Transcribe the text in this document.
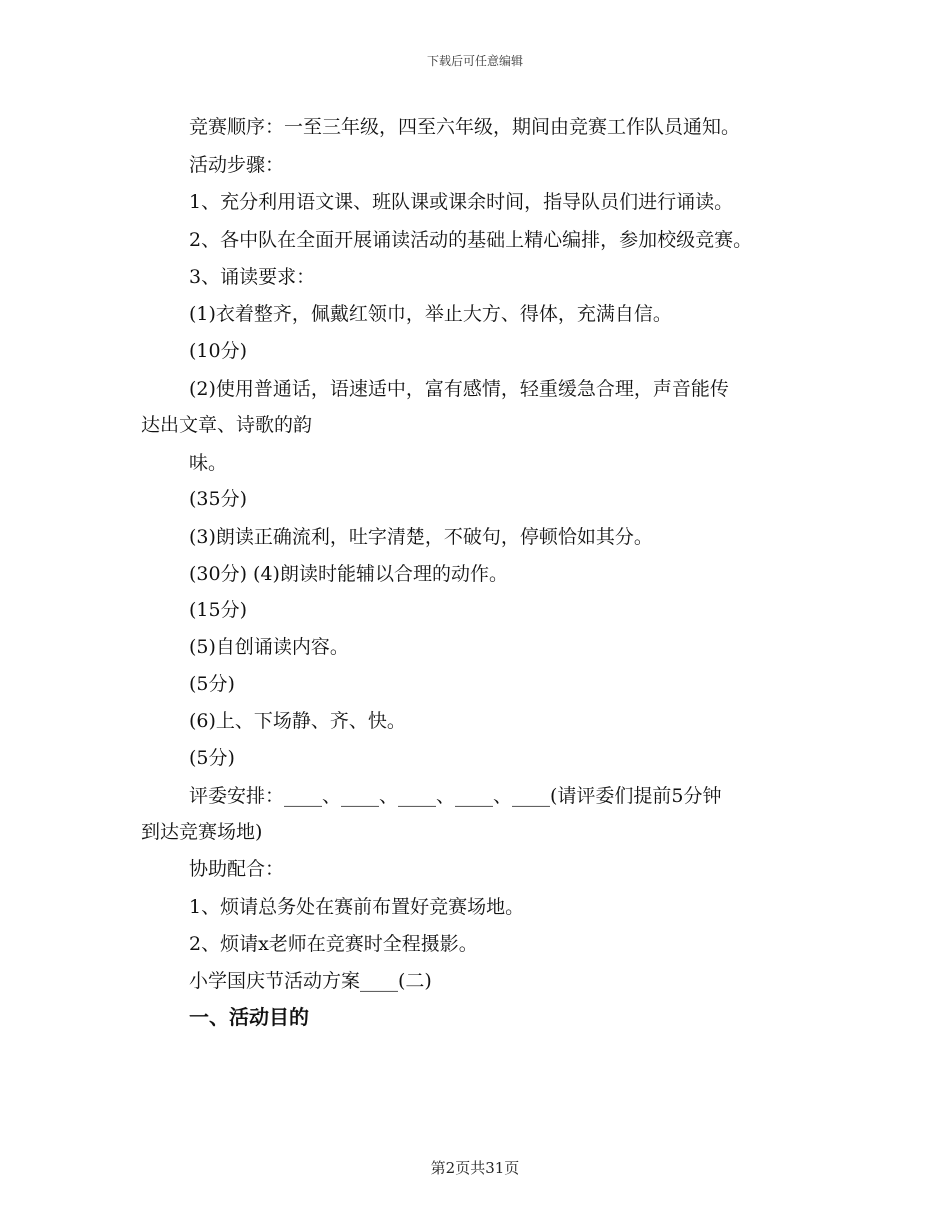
下载后可任意编辑
竞赛顺序：一至三年级，四至六年级，期间由竞赛工作队员通知。
活动步骤：
1、充分利用语文课、班队课或课余时间，指导队员们进行诵读。
2、各中队在全面开展诵读活动的基础上精心编排，参加校级竞赛。
3、诵读要求：
(1)衣着整齐，佩戴红领巾，举止大方、得体，充满自信。
(10分)
(2)使用普通话，语速适中，富有感情，轻重缓急合理，声音能传
达出文章、诗歌的韵
味。
(35分)
(3)朗读正确流利，吐字清楚，不破句，停顿恰如其分。
(30分) (4)朗读时能辅以合理的动作。
(15分)
(5)自创诵读内容。
(5分)
(6)上、下场静、齐、快。
(5分)
评委安排：____、____、____、____、____(请评委们提前5分钟
到达竞赛场地)
协助配合：
1、烦请总务处在赛前布置好竞赛场地。
2、烦请x老师在竞赛时全程摄影。
小学国庆节活动方案____(二)
一、活动目的
第2页共31页
